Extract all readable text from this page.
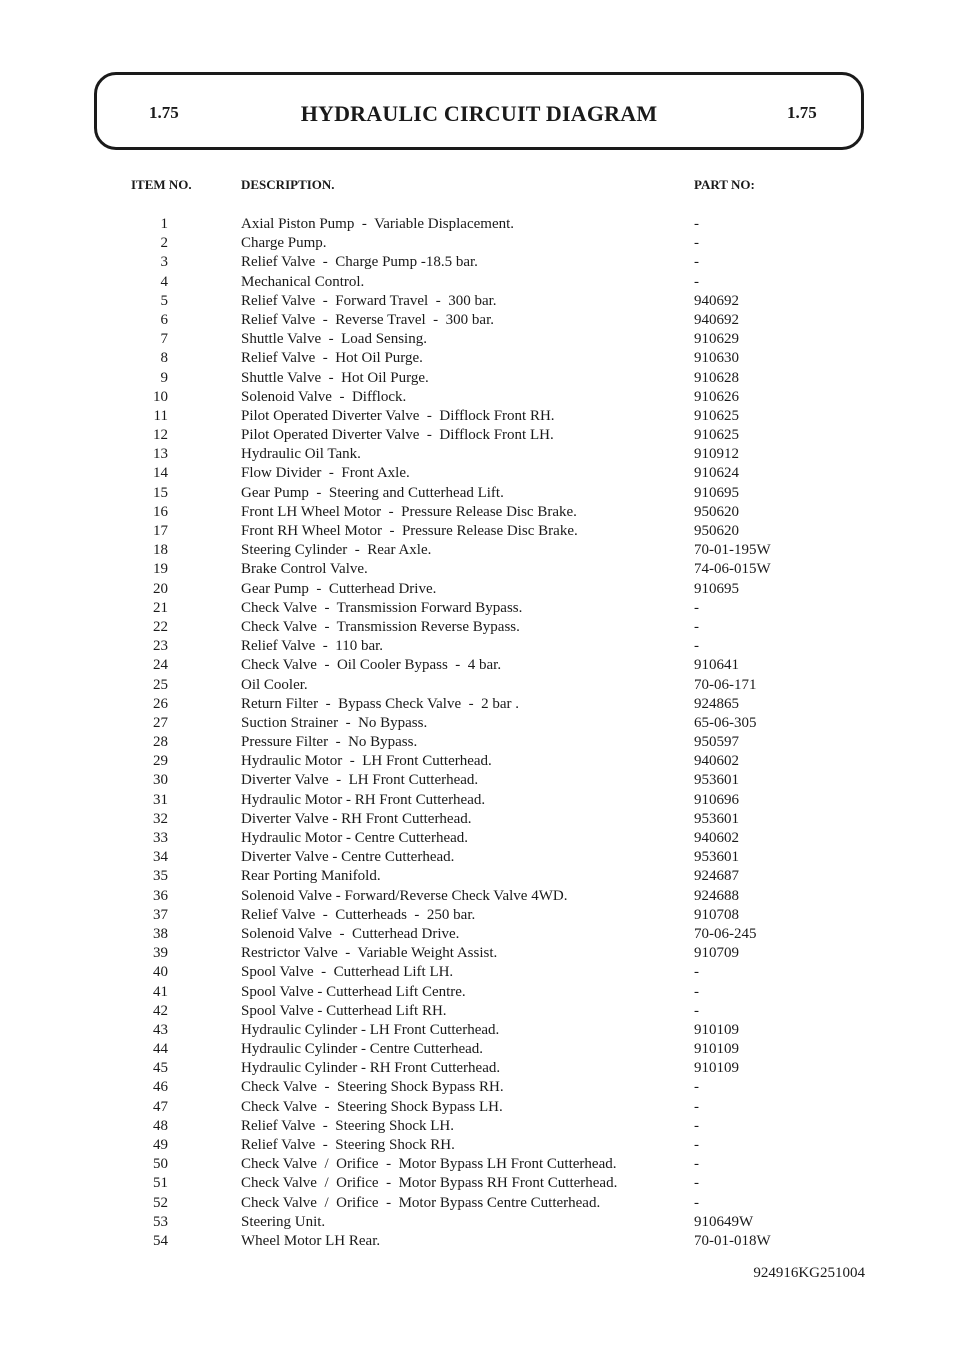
1.75	HYDRAULIC CIRCUIT DIAGRAM	1.75
ITEM NO.	DESCRIPTION.	PART NO:
1	Axial Piston Pump  -  Variable Displacement.	-
2	Charge Pump.	-
3	Relief Valve  -  Charge Pump -18.5 bar.	-
4	Mechanical Control.	-
5	Relief Valve  -  Forward Travel  -  300 bar.	940692
6	Relief Valve  -  Reverse Travel  -  300 bar.	940692
7	Shuttle Valve  -  Load Sensing.	910629
8	Relief Valve  -  Hot Oil Purge.	910630
9	Shuttle Valve  -  Hot Oil Purge.	910628
10	Solenoid Valve  -  Difflock.	910626
11	Pilot Operated Diverter Valve  -  Difflock Front RH.	910625
12	Pilot Operated Diverter Valve  -  Difflock Front LH.	910625
13	Hydraulic Oil Tank.	910912
14	Flow Divider  -  Front Axle.	910624
15	Gear Pump  -  Steering and Cutterhead Lift.	910695
16	Front LH Wheel Motor  -  Pressure Release Disc Brake.	950620
17	Front RH Wheel Motor  -  Pressure Release Disc Brake.	950620
18	Steering Cylinder  -  Rear Axle.	70-01-195W
19	Brake Control Valve.	74-06-015W
20	Gear Pump  -  Cutterhead Drive.	910695
21	Check Valve  -  Transmission Forward Bypass.	-
22	Check Valve  -  Transmission Reverse Bypass.	-
23	Relief Valve  -  110 bar.	-
24	Check Valve  -  Oil Cooler Bypass  -  4 bar.	910641
25	Oil Cooler.	70-06-171
26	Return Filter  -  Bypass Check Valve  -  2 bar .	924865
27	Suction Strainer  -  No Bypass.	65-06-305
28	Pressure Filter  -  No Bypass.	950597
29	Hydraulic Motor  -  LH Front Cutterhead.	940602
30	Diverter Valve  -  LH Front Cutterhead.	953601
31	Hydraulic Motor - RH Front Cutterhead.	910696
32	Diverter Valve - RH Front Cutterhead.	953601
33	Hydraulic Motor - Centre Cutterhead.	940602
34	Diverter Valve - Centre Cutterhead.	953601
35	Rear Porting Manifold.	924687
36	Solenoid Valve - Forward/Reverse Check Valve 4WD.	924688
37	Relief Valve  -  Cutterheads  -  250 bar.	910708
38	Solenoid Valve  -  Cutterhead Drive.	70-06-245
39	Restrictor Valve  -  Variable Weight Assist.	910709
40	Spool Valve  -  Cutterhead Lift LH.	-
41	Spool Valve - Cutterhead Lift Centre.	-
42	Spool Valve - Cutterhead Lift RH.	-
43	Hydraulic Cylinder - LH Front Cutterhead.	910109
44	Hydraulic Cylinder - Centre Cutterhead.	910109
45	Hydraulic Cylinder - RH Front Cutterhead.	910109
46	Check Valve  -  Steering Shock Bypass RH.	-
47	Check Valve  -  Steering Shock Bypass LH.	-
48	Relief Valve  -  Steering Shock LH.	-
49	Relief Valve  -  Steering Shock RH.	-
50	Check Valve  /  Orifice  -  Motor Bypass LH Front Cutterhead.	-
51	Check Valve  /  Orifice  -  Motor Bypass RH Front Cutterhead.	-
52	Check Valve  /  Orifice  -  Motor Bypass Centre Cutterhead.	-
53	Steering Unit.	910649W
54	Wheel Motor LH Rear.	70-01-018W
924916KG251004
